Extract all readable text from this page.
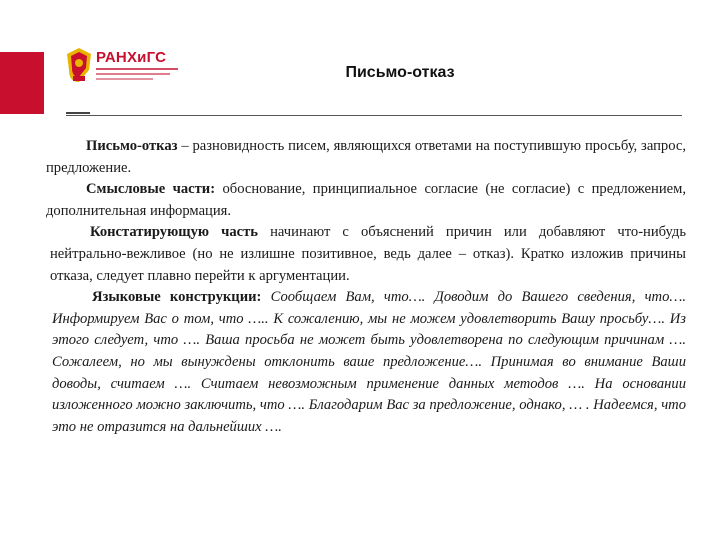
РАНХиГС
Письмо-отказ

Письмо-отказ – разновидность писем, являющихся ответами на поступившую просьбу, запрос, предложение.

Смысловые части: обоснование, принципиальное согласие (не согласие) с предложением, дополнительная информация.

Констатирующую часть начинают с объяснений причин или добавляют что-нибудь нейтрально-вежливое (но не излишне позитивное, ведь далее – отказ). Кратко изложив причины отказа, следует плавно перейти к аргументации.

Языковые конструкции: Сообщаем Вам, что…. Доводим до Вашего сведения, что…. Информируем Вас о том, что ….. К сожалению, мы не можем удовлетворить Вашу просьбу…. Из этого следует, что …. Ваша просьба не может быть удовлетворена по следующим причинам …. Сожалеем, но мы вынуждены отклонить ваше предложение…. Принимая во внимание Ваши доводы, считаем …. Считаем невозможным применение данных методов …. На основании изложенного можно заключить, что …. Благодарим Вас за предложение, однако, … . Надеемся, что это не отразится на дальнейших ….
